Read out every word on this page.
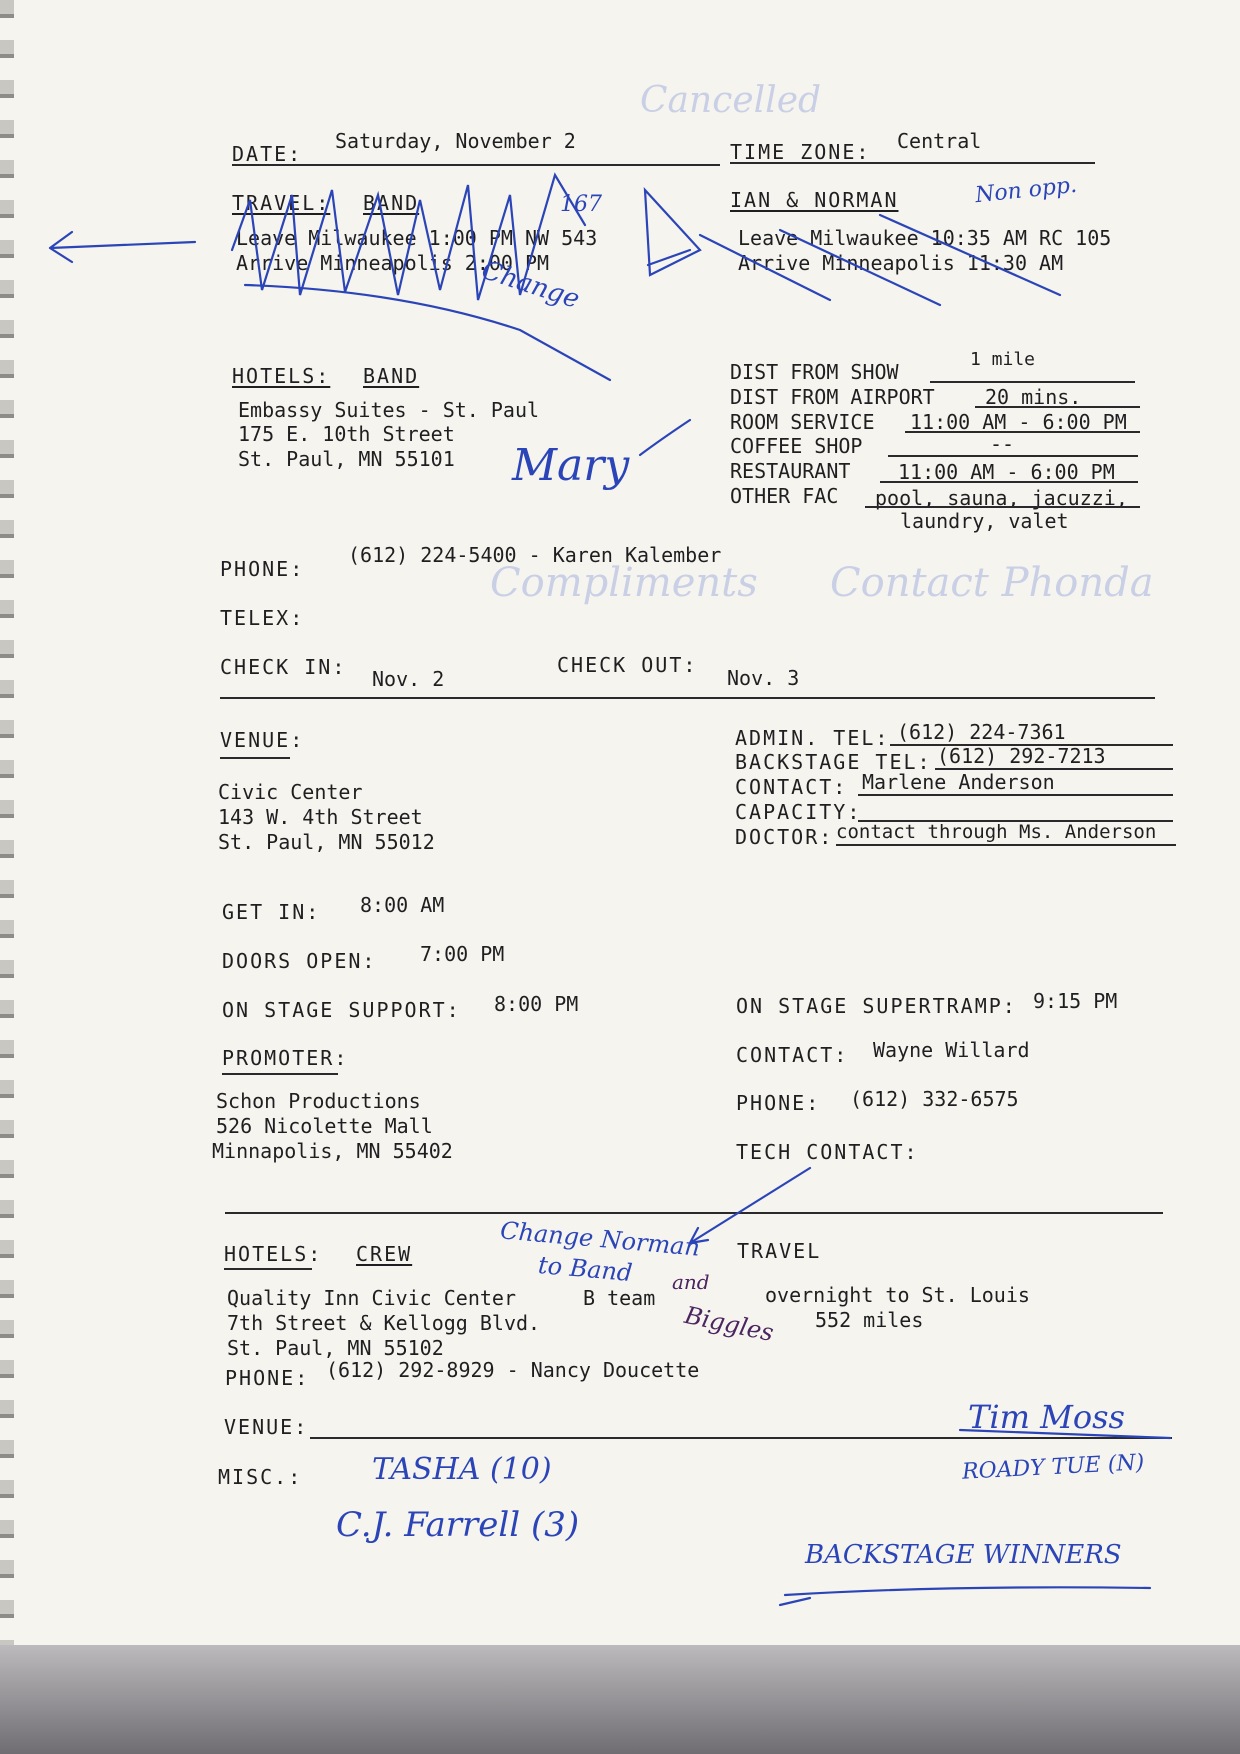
Cancelled
Compliments Contact Phonda
DATE:
Saturday, November 2	TIME ZONE: Central
TRAVEL: BAND
Leave Milwaukee 1:00 PM NW 543
Arrive Minneapolis 2:00 PM
IAN & NORMAN
Leave Milwaukee 10:35 AM RC 105
Arrive Minneapolis 11:30 AM
HOTELS: BAND
Embassy Suites - St. Paul
175 E. 10th Street
St. Paul, MN 55101
DIST FROM SHOW
1 mile
DIST FROM AIRPORT	20 mins.
ROOM SERVICE 11:00 AM - 6:00 PM
COFFEE SHOP	--
RESTAURANT 11:00 AM - 6:00 PM
OTHER FAC pool, sauna, jacuzzi,
laundry, valet
PHONE:
(612) 224-5400 - Karen Kalember
TELEX:
CHECK IN: Nov. 2
CHECK OUT:
Nov. 3
VENUE:
Civic Center
143 W. 4th Street
St. Paul, MN 55012
ADMIN. TEL: (612) 224-7361
BACKSTAGE TEL: (612) 292-7213
CONTACT: Marlene Anderson
CAPACITY:
DOCTOR: contact through Ms. Anderson
GET IN: 8:00 AM
DOORS OPEN: 7:00 PM
ON STAGE SUPPORT: 8:00 PM	ON STAGE SUPERTRAMP: 9:15 PM
PROMOTER:
Schon Productions
526 Nicolette Mall
Minnapolis, MN 55402
CONTACT: Wayne Willard
PHONE: (612) 332-6575
TECH CONTACT:
HOTELS: CREW
Quality Inn Civic Center
7th Street & Kellogg Blvd.
St. Paul, MN 55102
PHONE: (612) 292-8929 - Nancy Doucette
B team
TRAVEL
overnight to St. Louis
552 miles
VENUE:
MISC.:
Non opp.
167
Change
Mary
Change Norman
to Band and
Biggles
TASHA (10)
C.J. Farrell (3)
Tim Moss
ROADY TUE (N)
BACKSTAGE WINNERS
